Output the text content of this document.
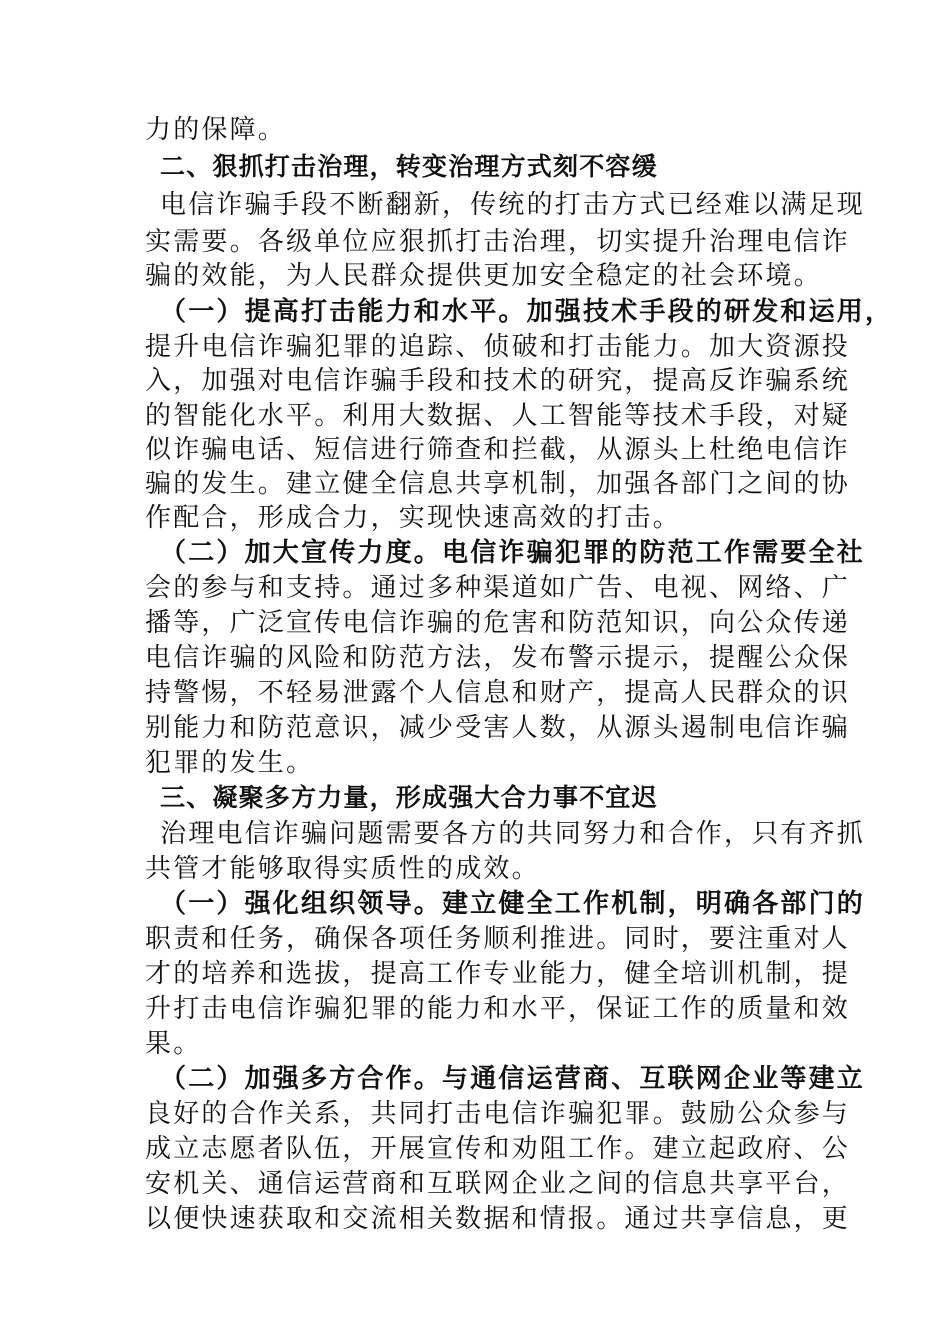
力的保障。
二、狠抓打击治理，转变治理方式刻不容缓
电信诈骗手段不断翻新，传统的打击方式已经难以满足现
实需要。各级单位应狠抓打击治理，切实提升治理电信诈
骗的效能，为人民群众提供更加安全稳定的社会环境。
（一）提高打击能力和水平。加强技术手段的研发和运用，
提升电信诈骗犯罪的追踪、侦破和打击能力。加大资源投
入，加强对电信诈骗手段和技术的研究，提高反诈骗系统
的智能化水平。利用大数据、人工智能等技术手段，对疑
似诈骗电话、短信进行筛查和拦截，从源头上杜绝电信诈
骗的发生。建立健全信息共享机制，加强各部门之间的协
作配合，形成合力，实现快速高效的打击。
（二）加大宣传力度。电信诈骗犯罪的防范工作需要全社
会的参与和支持。通过多种渠道如广告、电视、网络、广
播等，广泛宣传电信诈骗的危害和防范知识，向公众传递
电信诈骗的风险和防范方法，发布警示提示，提醒公众保
持警惕，不轻易泄露个人信息和财产，提高人民群众的识
别能力和防范意识，减少受害人数，从源头遏制电信诈骗
犯罪的发生。
三、凝聚多方力量，形成强大合力事不宜迟
治理电信诈骗问题需要各方的共同努力和合作，只有齐抓
共管才能够取得实质性的成效。
（一）强化组织领导。建立健全工作机制，明确各部门的
职责和任务，确保各项任务顺利推进。同时，要注重对人
才的培养和选拔，提高工作专业能力，健全培训机制，提
升打击电信诈骗犯罪的能力和水平，保证工作的质量和效
果。
（二）加强多方合作。与通信运营商、互联网企业等建立
良好的合作关系，共同打击电信诈骗犯罪。鼓励公众参与
成立志愿者队伍，开展宣传和劝阻工作。建立起政府、公
安机关、通信运营商和互联网企业之间的信息共享平台，
以便快速获取和交流相关数据和情报。通过共享信息，更
